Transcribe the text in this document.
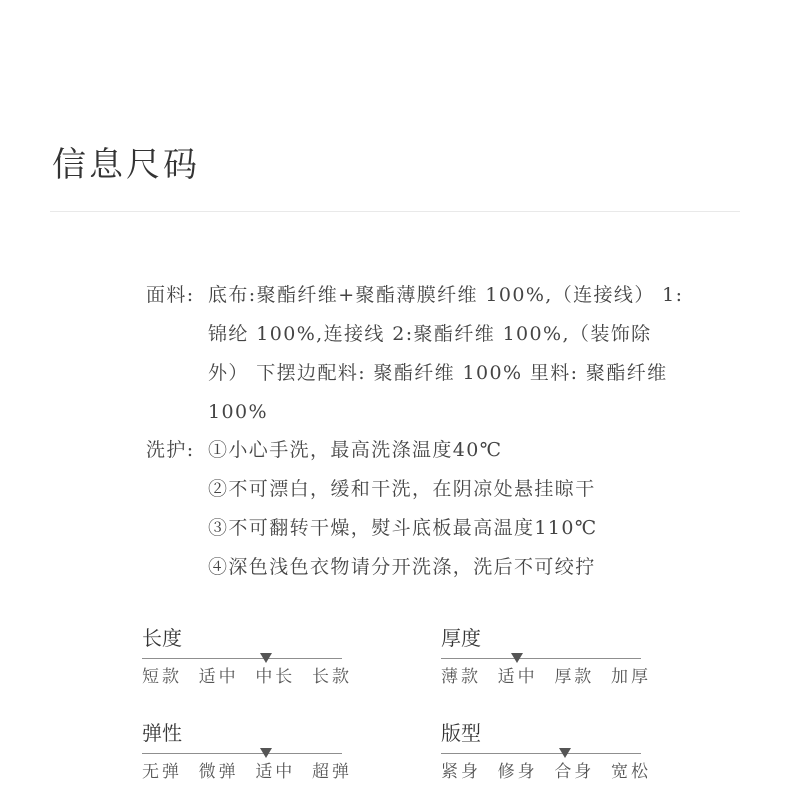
信息尺码
面料: 底布:聚酯纤维+聚酯薄膜纤维 100%,（连接线） 1:
锦纶 100%,连接线 2:聚酯纤维 100%,（装饰除
外） 下摆边配料: 聚酯纤维 100% 里料: 聚酯纤维
100%
洗护: ①小心手洗，最高洗涤温度40℃
②不可漂白，缓和干洗，在阴凉处悬挂晾干
③不可翻转干燥，熨斗底板最高温度110℃
④深色浅色衣物请分开洗涤，洗后不可绞拧
长度
短款 适中 中长 长款
厚度
薄款 适中 厚款 加厚
弹性
无弹 微弹 适中 超弹
版型
紧身 修身 合身 宽松
